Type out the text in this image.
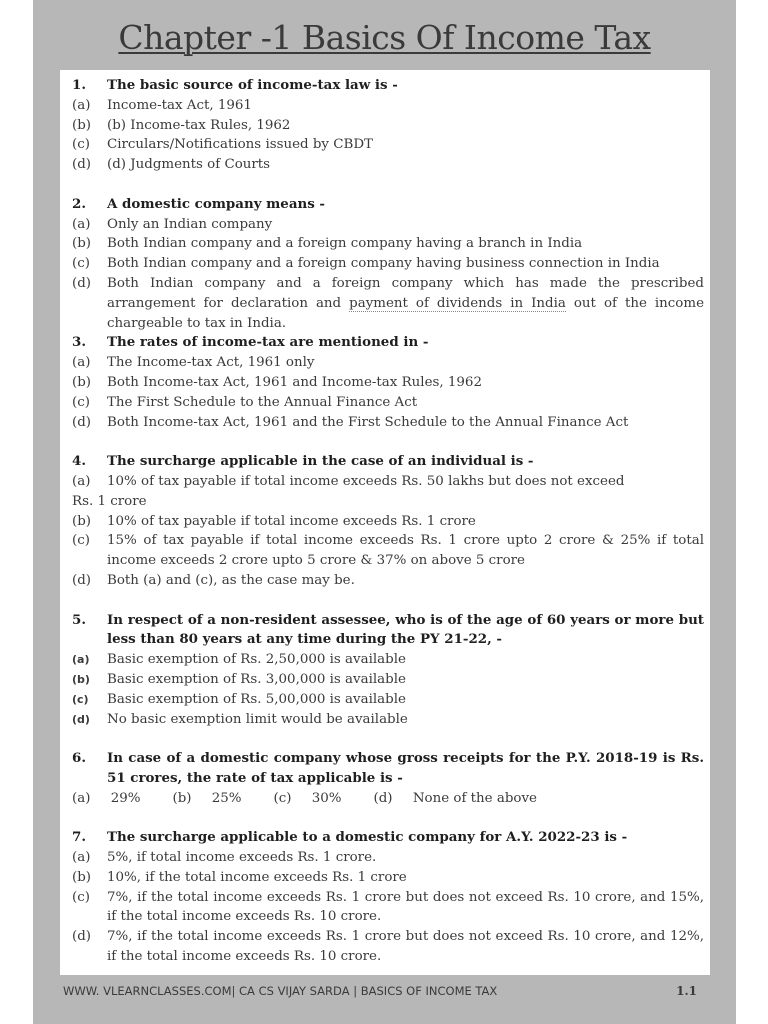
Chapter -1 Basics Of Income Tax
1.	The basic source of income-tax law is -
(a)	Income-tax Act, 1961
(b)	(b) Income-tax Rules, 1962
(c)	Circulars/Notifications issued by CBDT
(d)	(d) Judgments of Courts
2.	A domestic company means -
(a)	Only an Indian company
(b)	Both Indian company and a foreign company having a branch in India
(c)	Both Indian company and a foreign company having business connection in India
(d)	Both Indian company and a foreign company which has made the prescribed arrangement for declaration and payment of dividends in India out of the income chargeable to tax in India.
3.	The rates of income-tax are mentioned in -
(a)	The Income-tax Act, 1961 only
(b)	Both Income-tax Act, 1961 and Income-tax Rules, 1962
(c)	The First Schedule to the Annual Finance Act
(d)	Both Income-tax Act, 1961 and the First Schedule to the Annual Finance Act
4.	The surcharge applicable in the case of an individual is -
(a)	10% of tax payable if total income exceeds Rs. 50 lakhs but does not exceed
Rs. 1 crore
(b)	10% of tax payable if total income exceeds Rs. 1 crore
(c)	15% of tax payable if total income exceeds Rs. 1 crore upto 2 crore & 25% if total income exceeds 2 crore upto 5 crore & 37% on above 5 crore
(d)	Both (a) and (c), as the case may be.
5.	In respect of a non-resident assessee, who is of the age of 60 years or more but less than 80 years at any time during the PY 21-22, -
(a)	Basic exemption of Rs. 2,50,000 is available
(b)	Basic exemption of Rs. 3,00,000 is available
(c)	Basic exemption of Rs. 5,00,000 is available
(d)	No basic exemption limit would be available
6.	In case of a domestic company whose gross receipts for the P.Y. 2018-19 is Rs. 51 crores, the rate of tax applicable is -
(a) 29%	(b) 25%	(c) 30%	(d) None of the above
7.	The surcharge applicable to a domestic company for A.Y. 2022-23 is -
(a)	5%, if total income exceeds Rs. 1 crore.
(b)	10%, if the total income exceeds Rs. 1 crore
(c)	7%, if the total income exceeds Rs. 1 crore but does not exceed Rs. 10 crore, and 15%, if the total income exceeds Rs. 10 crore.
(d)	7%, if the total income exceeds Rs. 1 crore but does not exceed Rs. 10 crore, and 12%, if the total income exceeds Rs. 10 crore.
WWW. VLEARNCLASSES.COM| CA CS VIJAY SARDA | BASICS OF INCOME TAX	1.1
